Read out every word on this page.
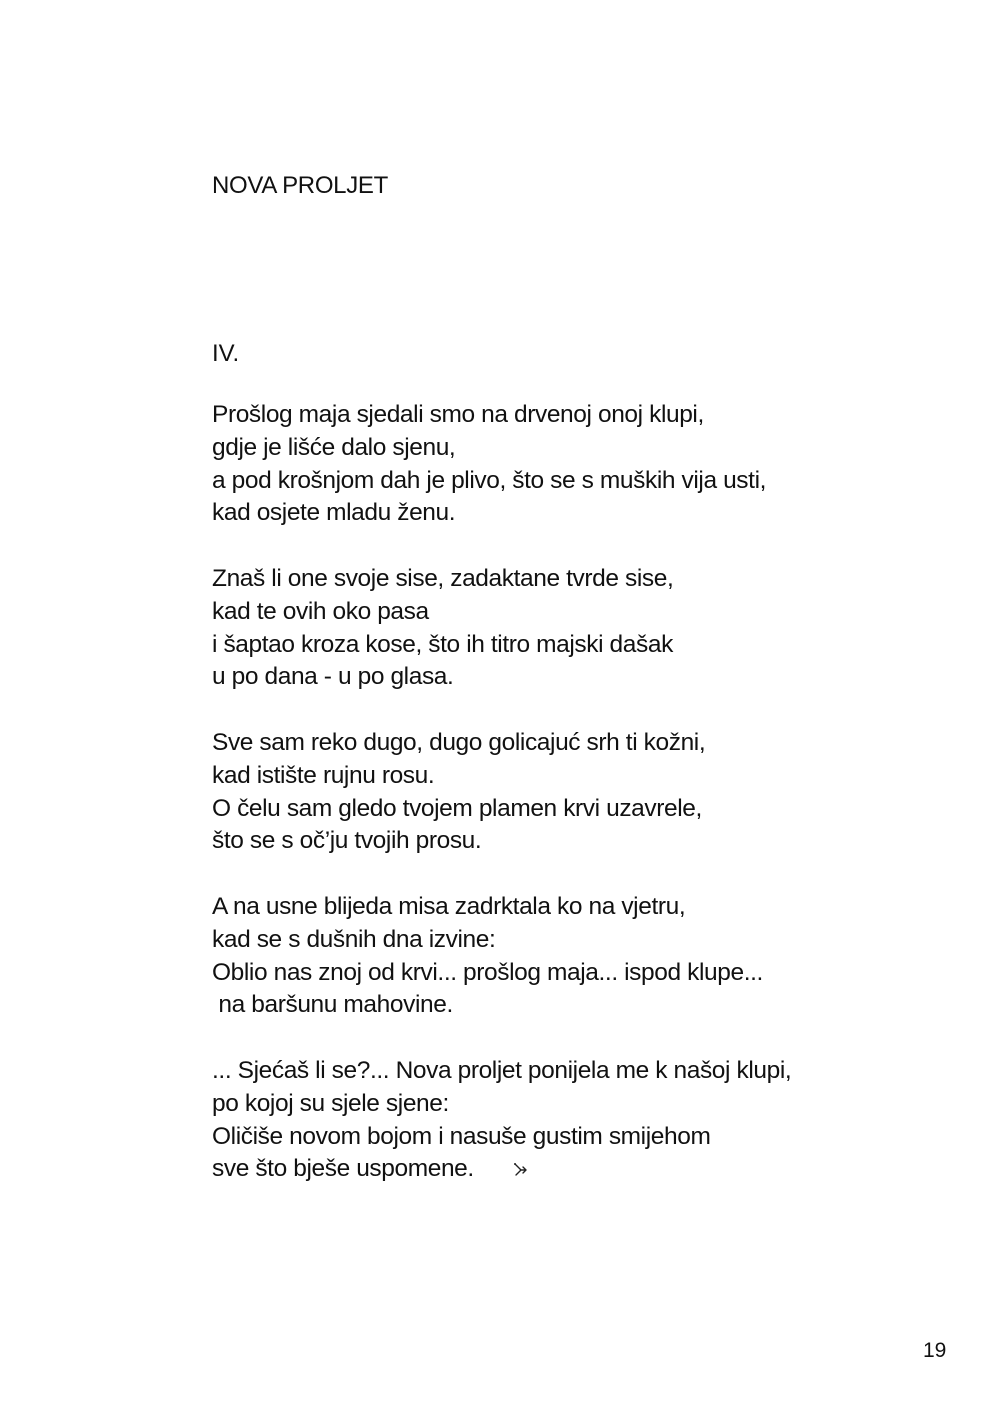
NOVA PROLJET
IV.
Prošlog maja sjedali smo na drvenoj onoj klupi,
gdje je lišće dalo sjenu,
a pod krošnjom dah je plivo, što se s muških vija usti,
kad osjete mladu ženu.
Znaš li one svoje sise, zadaktane tvrde sise,
kad te ovih oko pasa
i šaptao kroza kose, što ih titro majski dašak
u po dana - u po glasa.
Sve sam reko dugo, dugo golicajuć srh ti kožni,
kad istište rujnu rosu.
O čelu sam gledo tvojem plamen krvi uzavrele,
što se s oč’ju tvojih prosu.
A na usne blijeda misa zadrktala ko na vjetru,
kad se s dušnih dna izvine:
Oblio nas znoj od krvi... prošlog maja... ispod klupe...
na baršunu mahovine.
... Sjećaš li se?... Nova proljet ponijela me k našoj klupi,
po kojoj su sjele sjene:
Oličiše novom bojom i nasuše gustim smijehom
sve što bješe uspomene.
19
